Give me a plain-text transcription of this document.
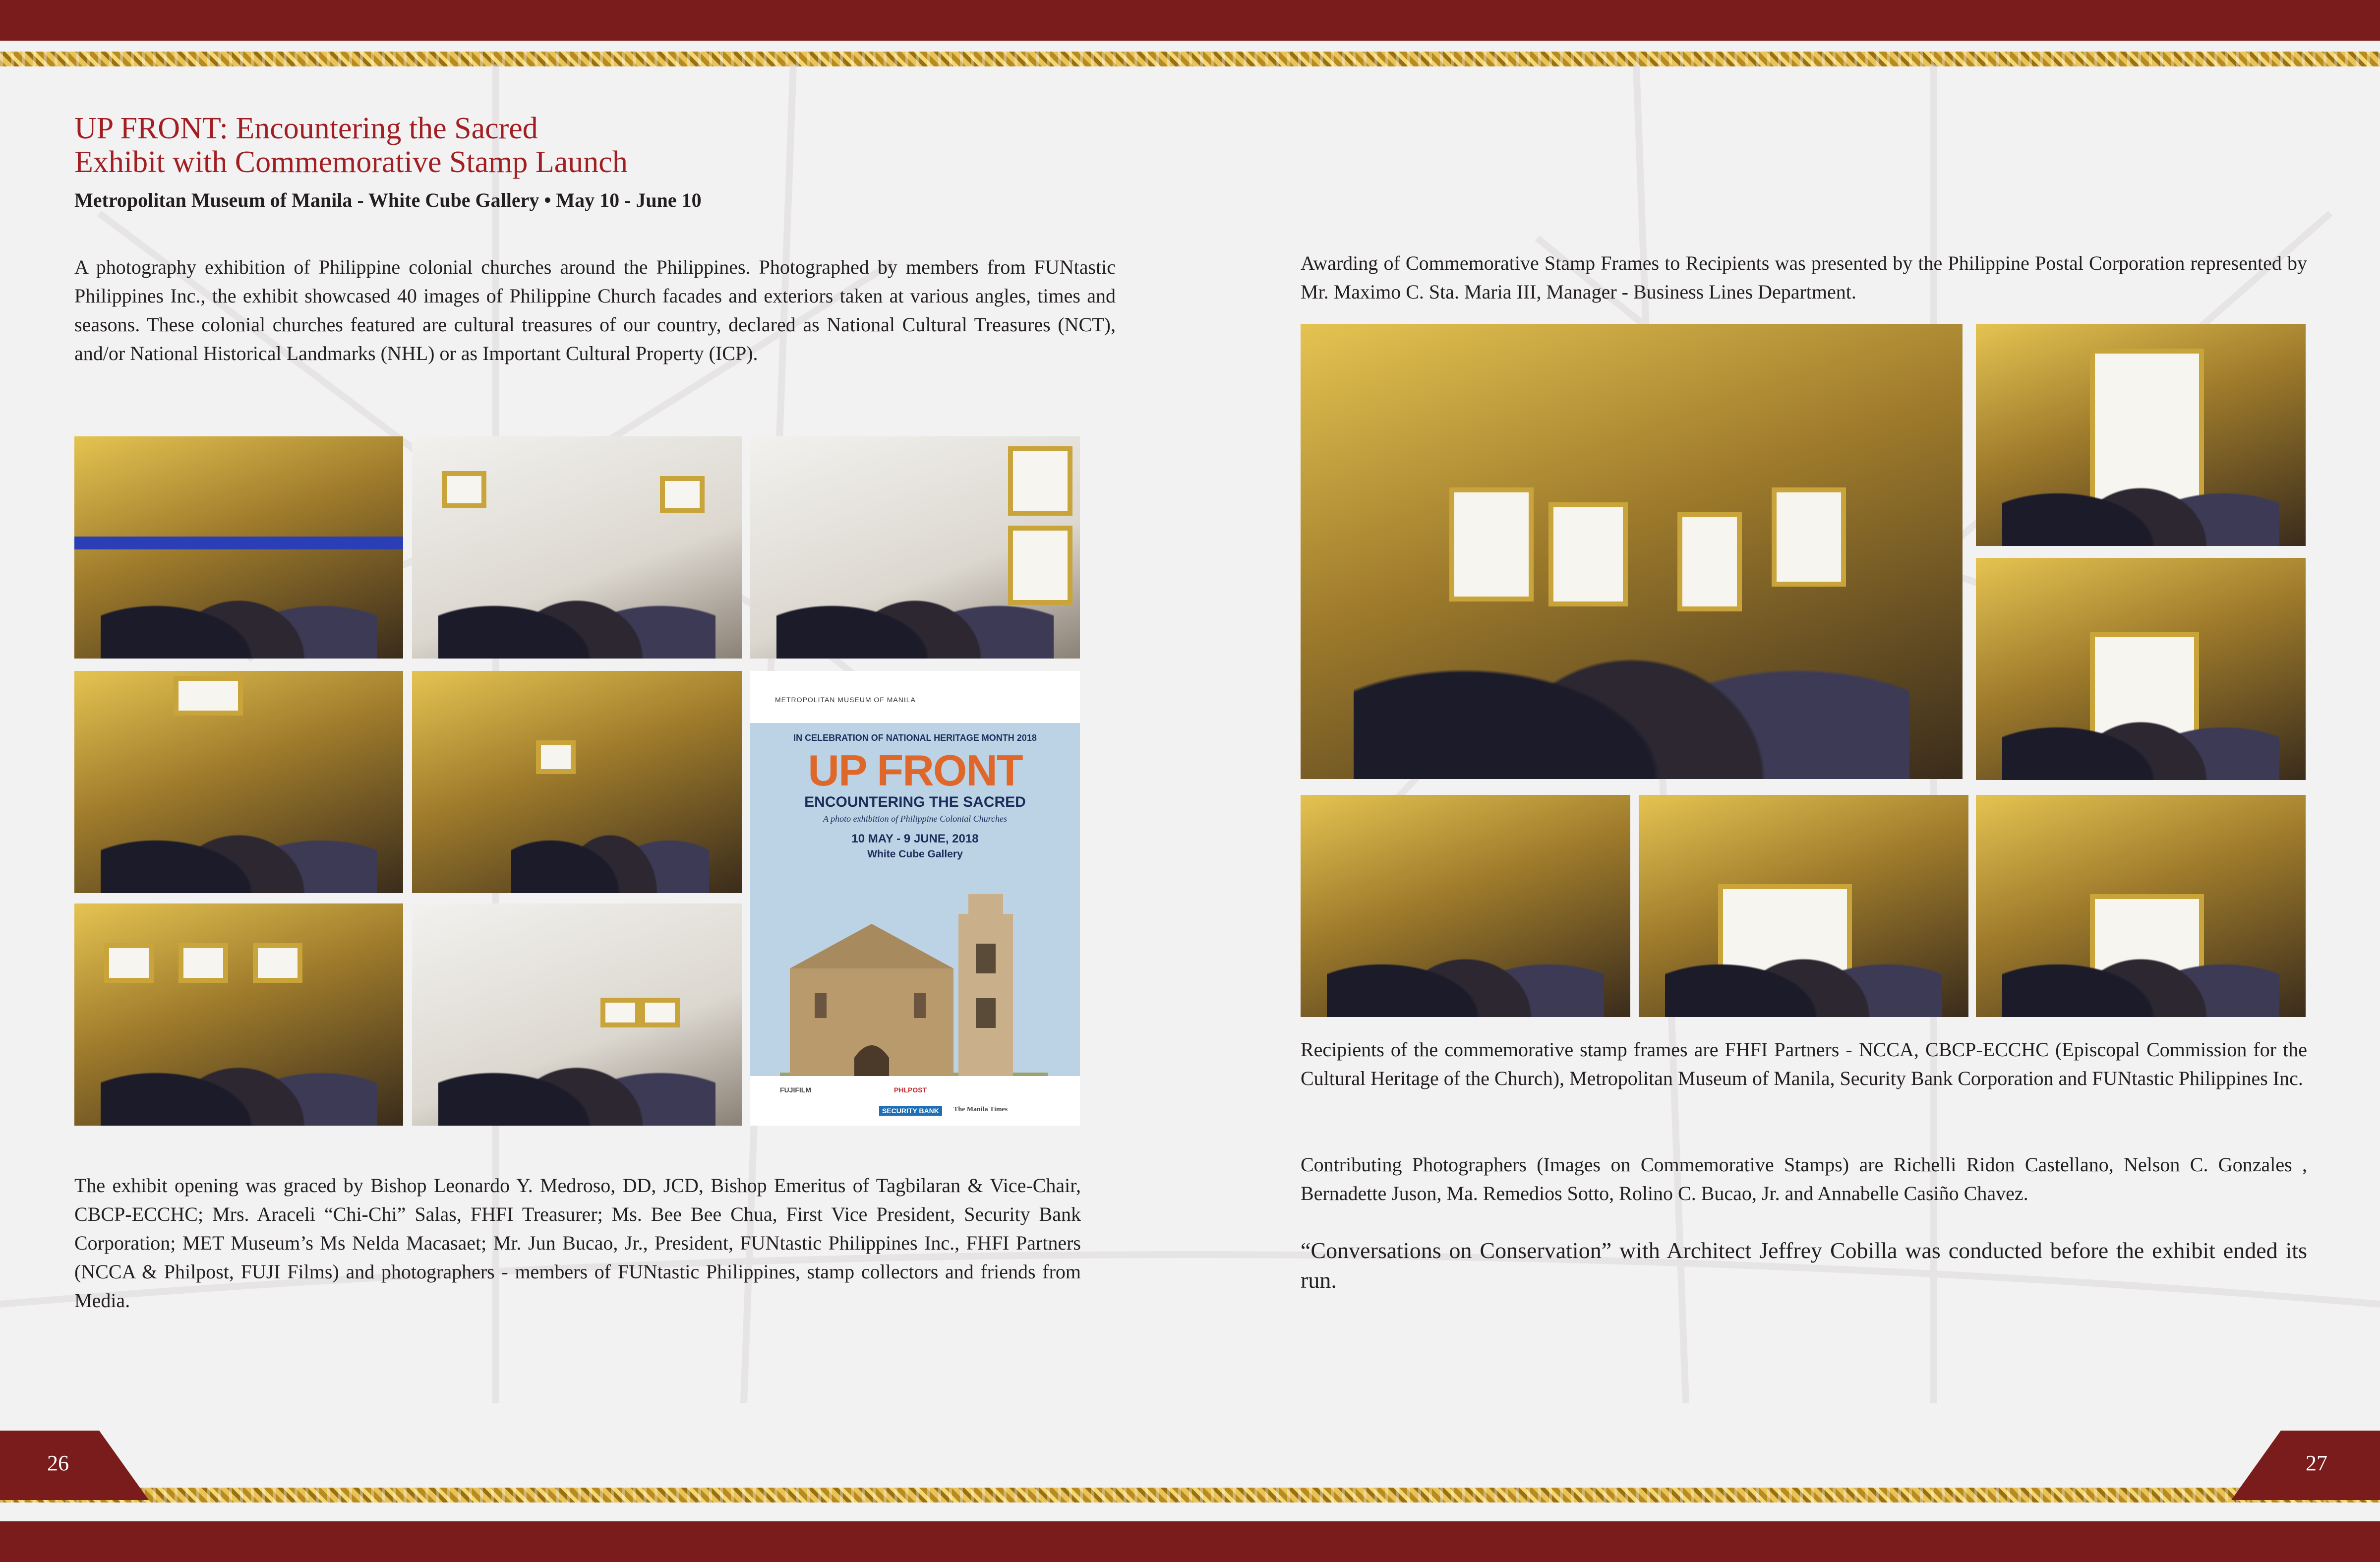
UP FRONT: Encountering the Sacred
Exhibit with Commemorative Stamp Launch
Metropolitan Museum of Manila - White Cube Gallery • May 10 - June 10
A photography exhibition of Philippine colonial churches around the Philippines. Photographed by members from FUNtastic Philippines Inc., the exhibit showcased 40 images of Philippine Church facades and exteriors taken at various angles, times and seasons. These colonial churches featured are cultural treasures of our country, declared as National Cultural Treasures (NCT), and/or National Historical Landmarks (NHL) or as Important Cultural Property (ICP).
METROPOLITAN MUSEUM OF MANILA
IN CELEBRATION OF NATIONAL HERITAGE MONTH 2018
UP FRONT
ENCOUNTERING THE SACRED
A photo exhibition of Philippine Colonial Churches
10 MAY - 9 JUNE, 2018
White Cube Gallery
FUJIFILM	PHLPOST
SECURITY BANK	The Manila Times
The exhibit opening was graced by Bishop Leonardo Y. Medroso, DD, JCD, Bishop Emeritus of Tagbilaran & Vice-Chair, CBCP-ECCHC; Mrs. Araceli “Chi-Chi” Salas, FHFI Treasurer; Ms. Bee Bee Chua, First Vice President, Security Bank Corporation; MET Museum’s Ms Nelda Macasaet; Mr. Jun Bucao, Jr., President, FUNtastic Philippines Inc., FHFI Partners (NCCA & Philpost, FUJI Films) and photographers - members of FUNtastic Philippines, stamp collectors and friends from Media.
26
Awarding of Commemorative Stamp Frames to Recipients was presented by the Philippine Postal Corporation represented by Mr. Maximo C. Sta. Maria III, Manager - Business Lines Department.
Recipients of the commemorative stamp frames are FHFI Partners - NCCA, CBCP-ECCHC (Episcopal Commission for the Cultural Heritage of the Church), Metropolitan Museum of Manila, Security Bank Corporation and FUNtastic Philippines Inc.
Contributing Photographers (Images on Commemorative Stamps) are Richelli Ridon Castellano, Nelson C. Gonzales , Bernadette Juson, Ma. Remedios Sotto, Rolino C. Bucao, Jr. and Annabelle Casiño Chavez.
“Conversations on Conservation” with Architect Jeffrey Cobilla was conducted before the exhibit ended its run.
27
